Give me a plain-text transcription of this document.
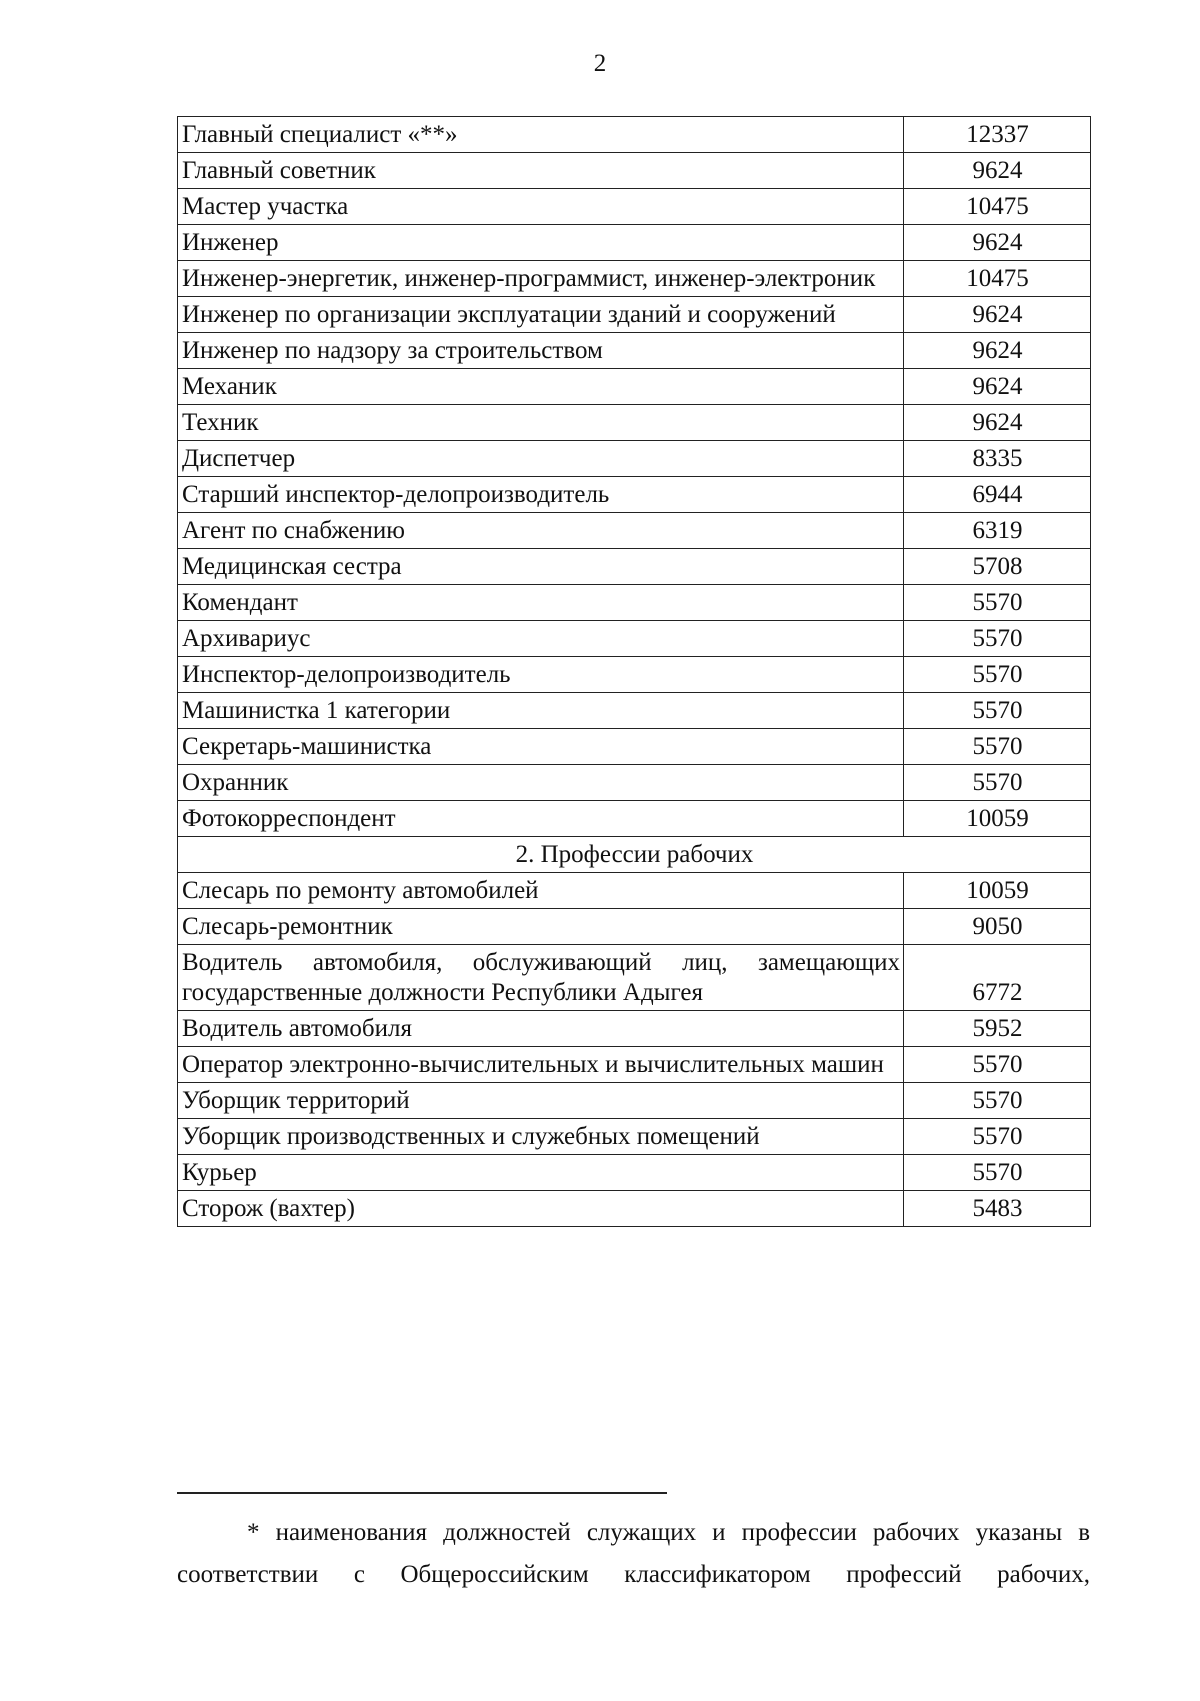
2
Главный специалист «**»	12337
Главный советник	9624
Мастер участка	10475
Инженер	9624
Инженер-энергетик, инженер-программист, инженер-электроник	10475
Инженер по организации эксплуатации зданий и сооружений	9624
Инженер по надзору за строительством	9624
Механик	9624
Техник	9624
Диспетчер	8335
Старший инспектор-делопроизводитель	6944
Агент по снабжению	6319
Медицинская сестра	5708
Комендант	5570
Архивариус	5570
Инспектор-делопроизводитель	5570
Машинистка 1 категории	5570
Секретарь-машинистка	5570
Охранник	5570
Фотокорреспондент	10059
2. Профессии рабочих	
Слесарь по ремонту автомобилей	10059
Слесарь-ремонтник	9050
Водитель автомобиля, обслуживающий лиц, замещающих государственные должности Республики Адыгея	6772
Водитель автомобиля	5952
Оператор электронно-вычислительных и вычислительных машин	5570
Уборщик территорий	5570
Уборщик производственных и служебных помещений	5570
Курьер	5570
Сторож (вахтер)	5483
* наименования должностей служащих и профессии рабочих указаны в соответствии с Общероссийским классификатором профессий рабочих,
